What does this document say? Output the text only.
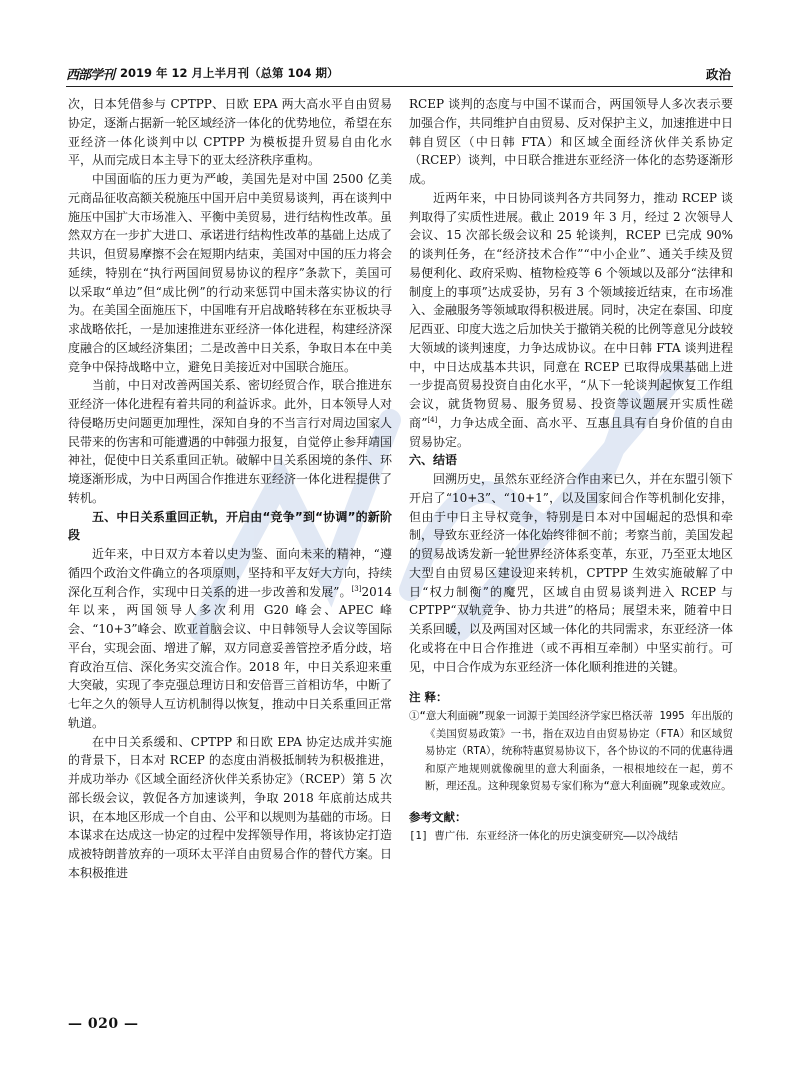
西部学刊 2019 年 12 月上半月刊（总第 104 期）	政治

次，日本凭借参与 CPTPP、日欧 EPA 两大高水平自由贸易协定，逐渐占据新一轮区域经济一体化的优势地位，希望在东亚经济一体化谈判中以 CPTPP 为模板提升贸易自由化水平，从而完成日本主导下的亚太经济秩序重构。

中国面临的压力更为严峻，美国先是对中国 2500 亿美元商品征收高额关税施压中国开启中美贸易谈判，再在谈判中施压中国扩大市场准入、平衡中美贸易，进行结构性改革。虽然双方在一步扩大进口、承诺进行结构性改革的基础上达成了共识，但贸易摩擦不会在短期内结束，美国对中国的压力将会延续，特别在“执行两国间贸易协议的程序”条款下，美国可以采取“单边”但“成比例”的行动来惩罚中国未落实协议的行为。在美国全面施压下，中国唯有开启战略转移在东亚板块寻求战略依托，一是加速推进东亚经济一体化进程，构建经济深度融合的区域经济集团；二是改善中日关系，争取日本在中美竞争中保持战略中立，避免日美接近对中国联合施压。

当前，中日对改善两国关系、密切经贸合作，联合推进东亚经济一体化进程有着共同的利益诉求。此外，日本领导人对待侵略历史问题更加理性，深知自身的不当言行对周边国家人民带来的伤害和可能遭遇的中韩强力报复，自觉停止参拜靖国神社，促使中日关系重回正轨。破解中日关系困境的条件、环境逐渐形成，为中日两国合作推进东亚经济一体化进程提供了转机。

五、中日关系重回正轨，开启由“竞争”到“协调”的新阶段

近年来，中日双方本着以史为鉴、面向未来的精神，“遵循四个政治文件确立的各项原则，坚持和平友好大方向，持续深化互利合作，实现中日关系的进一步改善和发展”。[3]2014 年以来，两国领导人多次利用 G20 峰会、APEC 峰会、“10+3”峰会、欧亚首脑会议、中日韩领导人会议等国际平台，实现会面、增进了解，双方同意妥善管控矛盾分歧，培育政治互信、深化务实交流合作。2018 年，中日关系迎来重大突破，实现了李克强总理访日和安倍晋三首相访华，中断了七年之久的领导人互访机制得以恢复，推动中日关系重回正常轨道。

在中日关系缓和、CPTPP 和日欧 EPA 协定达成并实施的背景下，日本对 RCEP 的态度由消极抵制转为积极推进，并成功举办《区域全面经济伙伴关系协定》（RCEP）第 5 次部长级会议，敦促各方加速谈判，争取 2018 年底前达成共识，在本地区形成一个自由、公平和以规则为基础的市场。日本谋求在达成这一协定的过程中发挥领导作用，将该协定打造成被特朗普放弃的一项环太平洋自由贸易合作的替代方案。日本积极推进

RCEP 谈判的态度与中国不谋而合，两国领导人多次表示要加强合作，共同维护自由贸易、反对保护主义，加速推进中日韩自贸区（中日韩 FTA）和区域全面经济伙伴关系协定（RCEP）谈判，中日联合推进东亚经济一体化的态势逐渐形成。

近两年来，中日协同谈判各方共同努力，推动 RCEP 谈判取得了实质性进展。截止 2019 年 3 月，经过 2 次领导人会议、15 次部长级会议和 25 轮谈判，RCEP 已完成 90% 的谈判任务，在“经济技术合作”“中小企业”、通关手续及贸易便利化、政府采购、植物检疫等 6 个领域以及部分“法律和制度上的事项”达成妥协，另有 3 个领域接近结束，在市场准入、金融服务等领域取得积极进展。同时，决定在泰国、印度尼西亚、印度大选之后加快关于撤销关税的比例等意见分歧较大领域的谈判速度，力争达成协议。在中日韩 FTA 谈判进程中，中日达成基本共识，同意在 RCEP 已取得成果基础上进一步提高贸易投资自由化水平，“从下一轮谈判起恢复工作组会议，就货物贸易、服务贸易、投资等议题展开实质性磋商”[4]，力争达成全面、高水平、互惠且具有自身价值的自由贸易协定。

六、结语

回溯历史，虽然东亚经济合作由来已久，并在东盟引领下开启了“10+3”、“10+1”，以及国家间合作等机制化安排，但由于中日主导权竞争，特别是日本对中国崛起的恐惧和牵制，导致东亚经济一体化始终徘徊不前；考察当前，美国发起的贸易战诱发新一轮世界经济体系变革，东亚，乃至亚太地区大型自由贸易区建设迎来转机，CPTPP 生效实施破解了中日“权力制衡”的魔咒，区域自由贸易谈判进入 RCEP 与 CPTPP“双轨竞争、协力共进”的格局；展望未来，随着中日关系回暖，以及两国对区域一体化的共同需求，东亚经济一体化或将在中日合作推进（或不再相互牵制）中坚实前行。可见，中日合作成为东亚经济一体化顺利推进的关键。

注 释：
①“意大利面碗”现象一词源于美国经济学家巴格沃蒂 1995 年出版的《美国贸易政策》一书，指在双边自由贸易协定（FTA）和区域贸易协定（RTA），统称特惠贸易协议下，各个协议的不同的优惠待遇和原产地规则就像碗里的意大利面条，一根根地绞在一起，剪不断，理还乱。这种现象贸易专家们称为“意大利面碗”现象或效应。
参考文献：
[1] 曹广伟．东亚经济一体化的历史演变研究——以冷战结
— 020 —
